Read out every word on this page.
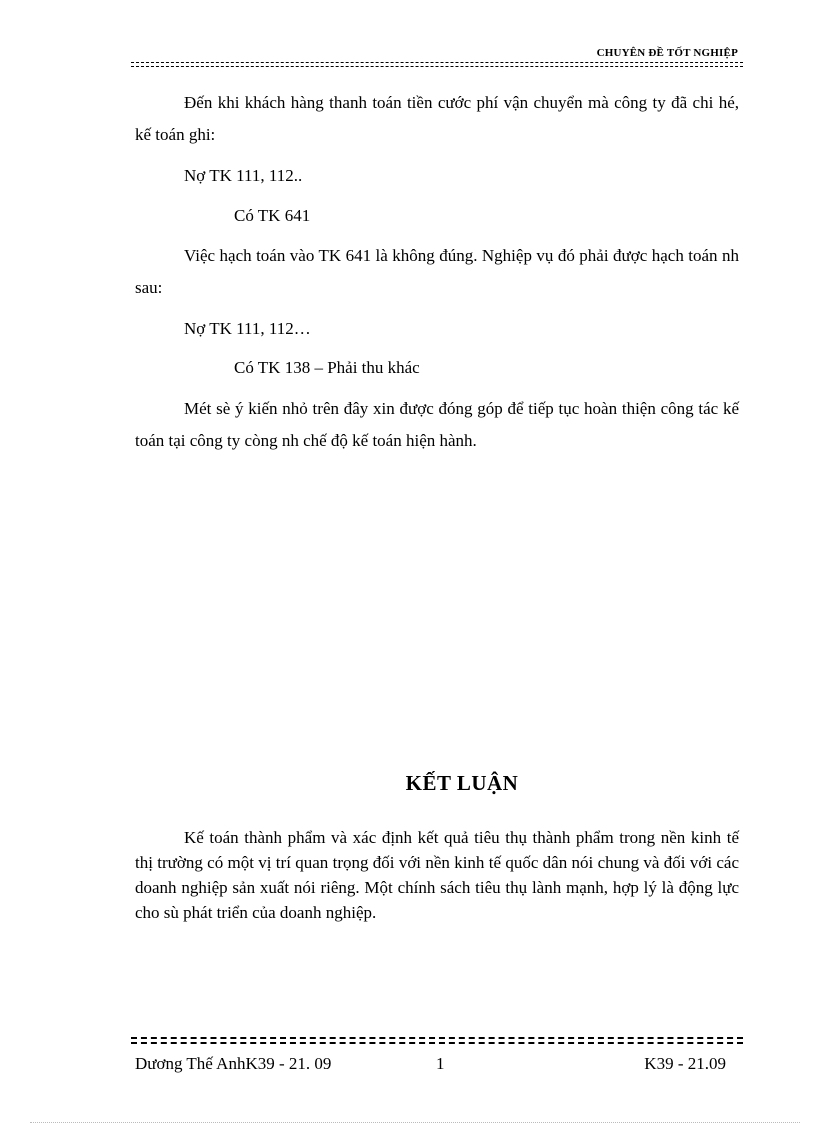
CHUYÊN ĐỀ TỐT NGHIỆP

Đến khi khách hàng thanh toán tiền cước phí vận chuyển mà công ty đã chi hé, kế toán ghi:

Nợ TK 111, 112..

Có TK 641

Việc hạch toán vào TK 641 là không đúng. Nghiệp vụ đó phải được hạch toán nh sau:

Nợ TK 111, 112…

Có TK 138 – Phải thu khác

Mét sè ý kiến nhỏ trên đây xin được đóng góp để tiếp tục hoàn thiện công tác kế toán tại công ty còng nh chế độ kế toán hiện hành.

KẾT LUẬN

Kế toán thành phẩm và xác định kết quả tiêu thụ thành phẩm trong nền kinh tế thị trường có một vị trí quan trọng đối với nền kinh tế quốc dân nói chung và đối với các doanh nghiệp sản xuất nói riêng. Một chính sách tiêu thụ lành mạnh, hợp lý là động lực cho sù phát triển của doanh nghiệp.

Dương Thế AnhK39 - 21. 09	1	K39 - 21.09
